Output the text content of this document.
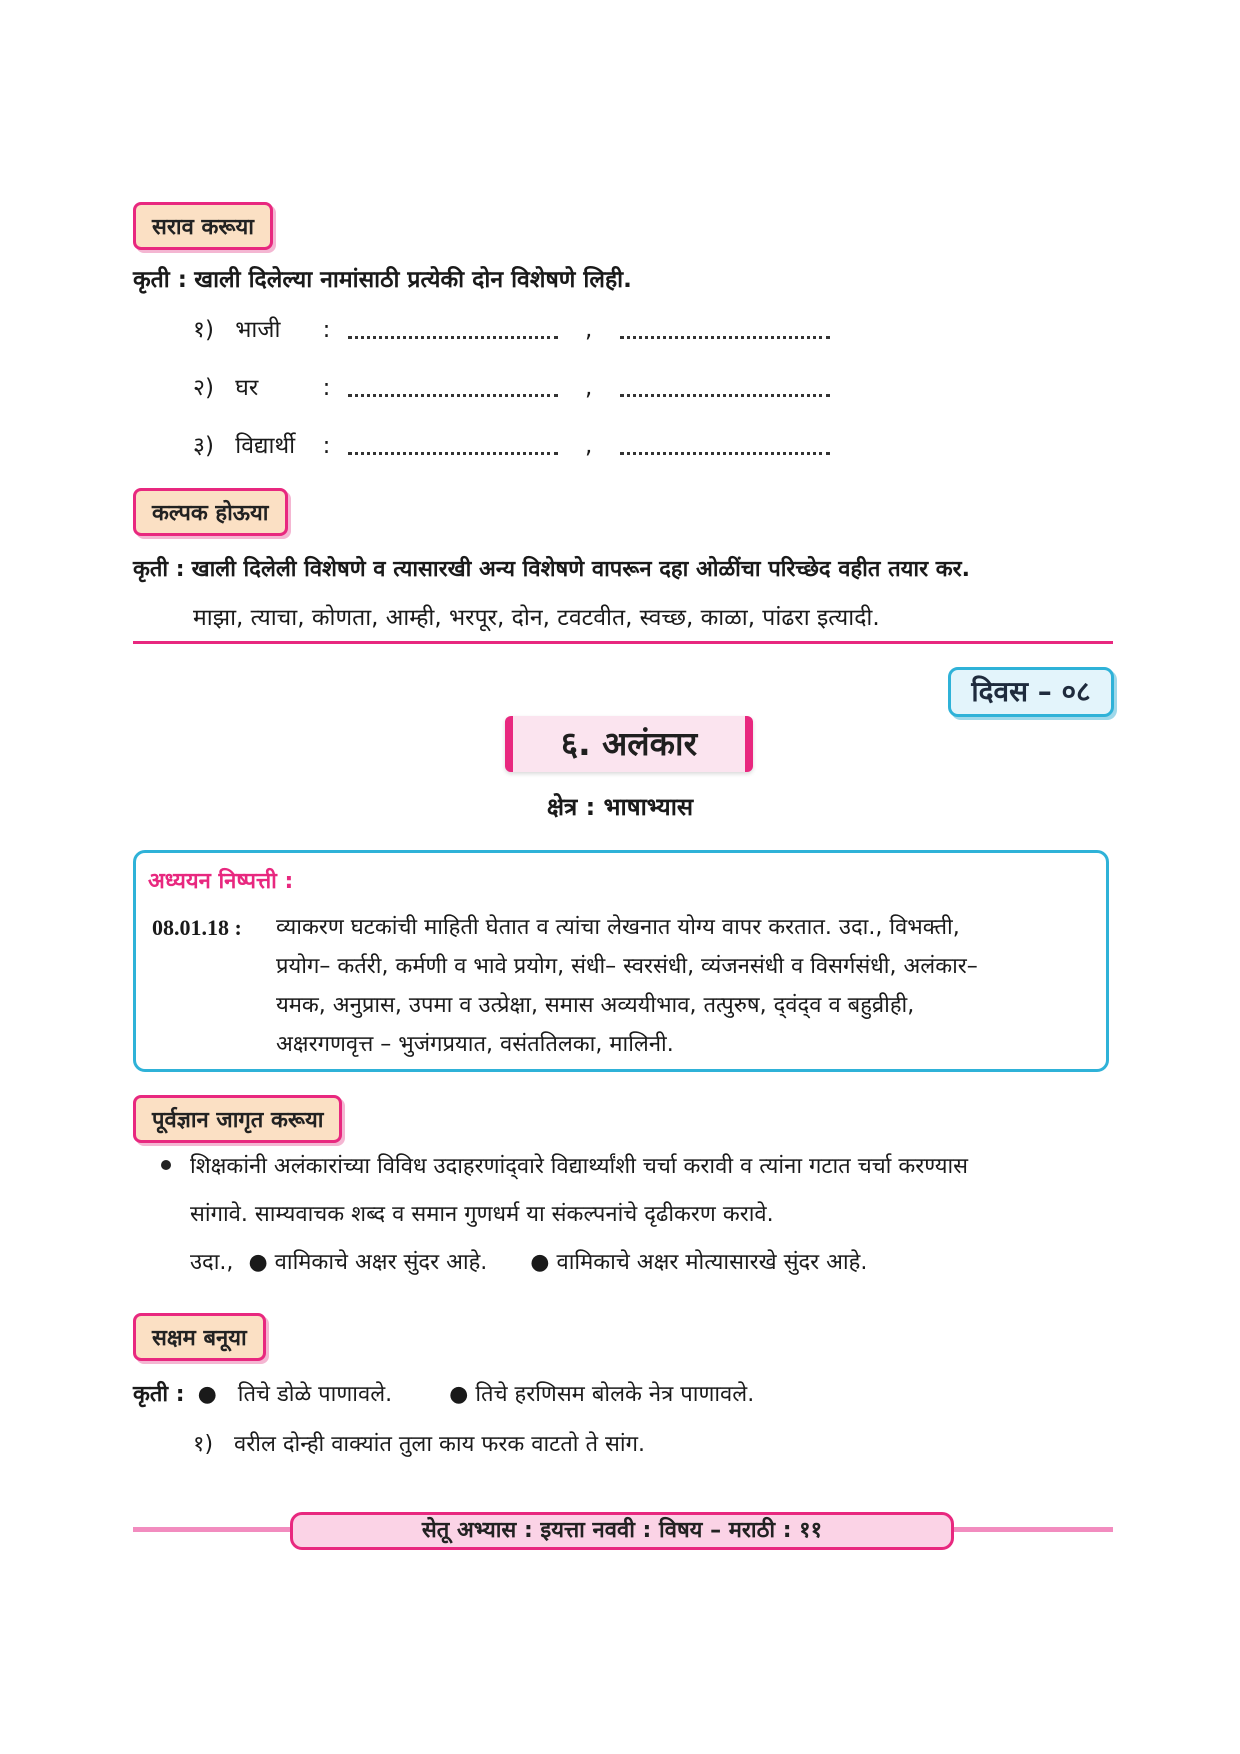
सराव करूया
कृती : खाली दिलेल्या नामांसाठी प्रत्येकी दोन विशेषणे लिही.
१) भाजी :	,
२) घर	:	,
३) विद्यार्थी :	,
कल्पक होऊया
कृती : खाली दिलेली विशेषणे व त्यासारखी अन्य विशेषणे वापरून दहा ओळींचा परिच्छेद वहीत तयार कर.
माझा, त्याचा, कोणता, आम्ही, भरपूर, दोन, टवटवीत, स्वच्छ, काळा, पांढरा इत्यादी.
दिवस – ०८
६. अलंकार
क्षेत्र : भाषाभ्यास
अध्ययन निष्पत्ती :
08.01.18 : व्याकरण घटकांची माहिती घेतात व त्यांचा लेखनात योग्य वापर करतात. उदा., विभक्ती,
प्रयोग– कर्तरी, कर्मणी व भावे प्रयोग, संधी– स्वरसंधी, व्यंजनसंधी व विसर्गसंधी, अलंकार–
यमक, अनुप्रास, उपमा व उत्प्रेक्षा, समास अव्ययीभाव, तत्पुरुष, द्‌वंद्‌व व बहुव्रीही,
अक्षरगणवृत्त – भुजंगप्रयात, वसंततिलका, मालिनी.
पूर्वज्ञान जागृत करूया
शिक्षकांनी अलंकारांच्या विविध उदाहरणांद्‌वारे विद्यार्थ्यांशी चर्चा करावी व त्यांना गटात चर्चा करण्यास
सांगावे. साम्यवाचक शब्द व समान गुणधर्म या संकल्पनांचे दृढीकरण करावे.
उदा., ● वामिकाचे अक्षर सुंदर आहे. ● वामिकाचे अक्षर मोत्यासारखे सुंदर आहे.
सक्षम बनूया
कृती : ● तिचे डोळे पाणावले.	● तिचे हरणिसम बोलके नेत्र पाणावले.
१) वरील दोन्ही वाक्यांत तुला काय फरक वाटतो ते सांग.
सेतू अभ्यास : इयत्ता नववी : विषय – मराठी : ११
